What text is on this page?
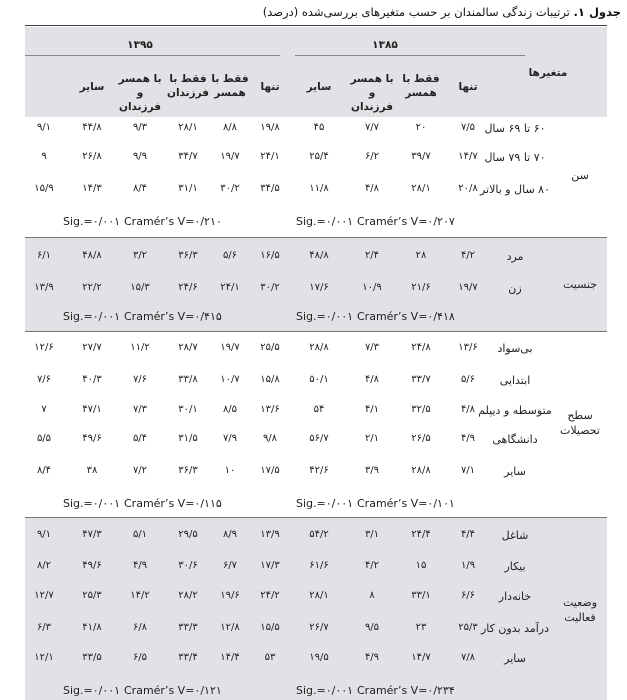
جدول ۱. ترتیبات زندگی سالمندان بر حسب متغیرهای بررسی‌شده (درصد)
متغیرها
۱۳۸۵
۱۳۹۵
تنها
فقط با همسر
با همسر و فرزندان
سایر
تنها
فقط با همسر
فقط با فرزندان
با همسر و فرزندان
سایر
سن
۶۰ تا ۶۹ سال
۷/۵
۲۰
۷/۷
۴۵
۱۹/۸
۸/۸
۲۸/۱
۹/۳
۴۴/۸
۹/۱
۷۰ تا ۷۹ سال
۱۴/۷
۳۹/۷
۶/۲
۲۵/۴
۲۴/۱
۱۹/۷
۳۴/۷
۹/۹
۲۶/۸
۹
۸۰ سال و بالاتر
۲۰/۸
۲۸/۱
۴/۸
۱۱/۸
۳۴/۵
۳۰/۲
۳۱/۱
۸/۴
۱۴/۳
۱۵/۹
Sig.=۰/۰۰۱ Cramér’s V=۰/۲۰۷
Sig.=۰/۰۰۱ Cramér’s V=۰/۲۱۰
جنسیت
مرد
۴/۲
۲۸
۲/۴
۴۸/۸
۱۶/۵
۵/۶
۳۶/۳
۳/۲
۴۸/۸
۶/۱
زن
۱۹/۷
۲۱/۶
۱۰/۹
۱۷/۶
۳۰/۲
۲۴/۱
۲۴/۶
۱۵/۳
۲۲/۲
۱۳/۹
Sig.=۰/۰۰۱ Cramér’s V=۰/۴۱۸
Sig.=۰/۰۰۱ Cramér’s V=۰/۴۱۵
سطح تحصیلات
بی‌سواد
۱۳/۶
۲۴/۸
۷/۳
۲۸/۸
۲۵/۵
۱۹/۷
۲۸/۷
۱۱/۲
۲۷/۷
۱۲/۶
ابتدایی
۵/۶
۳۳/۷
۴/۸
۵۰/۱
۱۵/۸
۱۰/۷
۳۳/۸
۷/۶
۴۰/۳
۷/۶
متوسطه و دیپلم
۴/۸
۳۲/۵
۴/۱
۵۴
۱۳/۶
۸/۵
۳۰/۱
۷/۳
۴۷/۱
۷
دانشگاهی
۴/۹
۲۶/۵
۲/۱
۵۶/۷
۹/۸
۷/۹
۳۱/۵
۵/۴
۴۹/۶
۵/۵
سایر
۷/۱
۲۸/۸
۳/۹
۴۲/۶
۱۷/۵
۱۰
۳۶/۳
۷/۲
۳۸
۸/۴
Sig.=۰/۰۰۱ Cramér’s V=۰/۱۰۱
Sig.=۰/۰۰۱ Cramér’s V=۰/۱۱۵
وضعیت فعالیت
شاغل
۴/۴
۲۴/۴
۳/۱
۵۴/۲
۱۳/۹
۸/۹
۲۹/۵
۵/۱
۴۷/۳
۹/۱
بیکار
۱/۹
۱۵
۴/۲
۶۱/۶
۱۷/۳
۶/۷
۳۰/۶
۴/۹
۴۹/۶
۸/۲
خانه‌دار
۶/۶
۳۳/۱
۸
۲۸/۱
۲۴/۲
۱۹/۶
۲۸/۲
۱۴/۲
۲۵/۳
۱۲/۷
درآمد بدون کار
۲۵/۳
۲۳
۹/۵
۲۶/۷
۱۵/۵
۱۲/۸
۳۳/۳
۶/۸
۴۱/۸
۶/۳
سایر
۷/۸
۱۴/۷
۴/۹
۱۹/۵
۵۳
۱۴/۴
۳۳/۴
۶/۵
۳۳/۵
۱۲/۱
Sig.=۰/۰۰۱ Cramér’s V=۰/۲۳۴
Sig.=۰/۰۰۱ Cramér’s V=۰/۱۲۱
